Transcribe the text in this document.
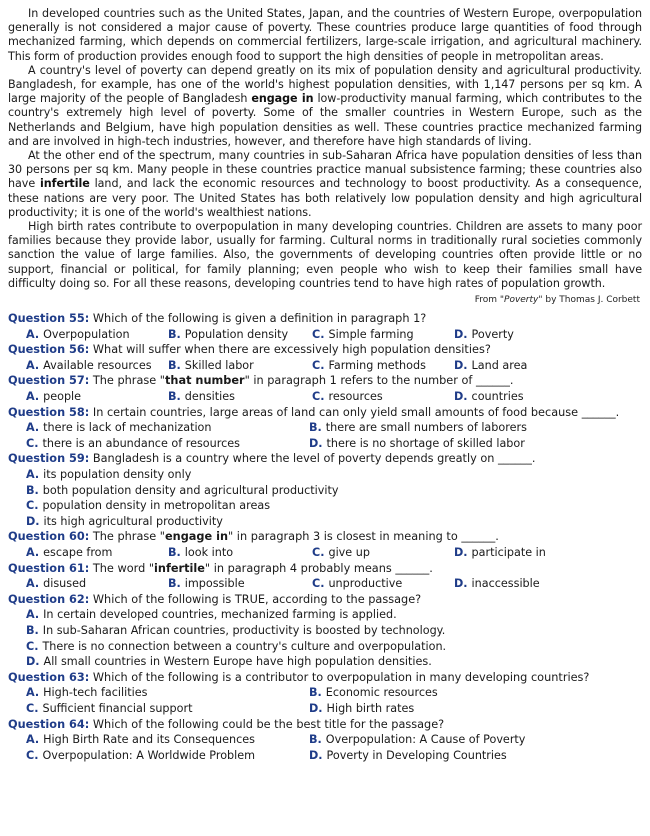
In developed countries such as the United States, Japan, and the countries of Western Europe, overpopulation generally is not considered a major cause of poverty. These countries produce large quantities of food through mechanized farming, which depends on commercial fertilizers, large-scale irrigation, and agricultural machinery. This form of production provides enough food to support the high densities of people in metropolitan areas.

A country's level of poverty can depend greatly on its mix of population density and agricultural productivity. Bangladesh, for example, has one of the world's highest population densities, with 1,147 persons per sq km. A large majority of the people of Bangladesh engage in low-productivity manual farming, which contributes to the country's extremely high level of poverty. Some of the smaller countries in Western Europe, such as the Netherlands and Belgium, have high population densities as well. These countries practice mechanized farming and are involved in high-tech industries, however, and therefore have high standards of living.

At the other end of the spectrum, many countries in sub-Saharan Africa have population densities of less than 30 persons per sq km. Many people in these countries practice manual subsistence farming; these countries also have infertile land, and lack the economic resources and technology to boost productivity. As a consequence, these nations are very poor. The United States has both relatively low population density and high agricultural productivity; it is one of the world's wealthiest nations.

High birth rates contribute to overpopulation in many developing countries. Children are assets to many poor families because they provide labor, usually for farming. Cultural norms in traditionally rural societies commonly sanction the value of large families. Also, the governments of developing countries often provide little or no support, financial or political, for family planning; even people who wish to keep their families small have difficulty doing so. For all these reasons, developing countries tend to have high rates of population growth.

From "Poverty" by Thomas J. Corbett
Question 55: Which of the following is given a definition in paragraph 1?
A. Overpopulation	B. Population density	C. Simple farming	D. Poverty
Question 56: What will suffer when there are excessively high population densities?
A. Available resources	B. Skilled labor	C. Farming methods	D. Land area
Question 57: The phrase "that number" in paragraph 1 refers to the number of ______.
A. people	B. densities	C. resources	D. countries
Question 58: In certain countries, large areas of land can only yield small amounts of food because ______.
A. there is lack of mechanization	B. there are small numbers of laborers
C. there is an abundance of resources	D. there is no shortage of skilled labor
Question 59: Bangladesh is a country where the level of poverty depends greatly on ______.
A. its population density only
B. both population density and agricultural productivity
C. population density in metropolitan areas
D. its high agricultural productivity
Question 60: The phrase "engage in" in paragraph 3 is closest in meaning to ______.
A. escape from	B. look into	C. give up	D. participate in
Question 61: The word "infertile" in paragraph 4 probably means ______.
A. disused	B. impossible	C. unproductive	D. inaccessible
Question 62: Which of the following is TRUE, according to the passage?
A. In certain developed countries, mechanized farming is applied.
B. In sub-Saharan African countries, productivity is boosted by technology.
C. There is no connection between a country's culture and overpopulation.
D. All small countries in Western Europe have high population densities.
Question 63: Which of the following is a contributor to overpopulation in many developing countries?
A. High-tech facilities	B. Economic resources
C. Sufficient financial support	D. High birth rates
Question 64: Which of the following could be the best title for the passage?
A. High Birth Rate and its Consequences	B. Overpopulation: A Cause of Poverty
C. Overpopulation: A Worldwide Problem	D. Poverty in Developing Countries
